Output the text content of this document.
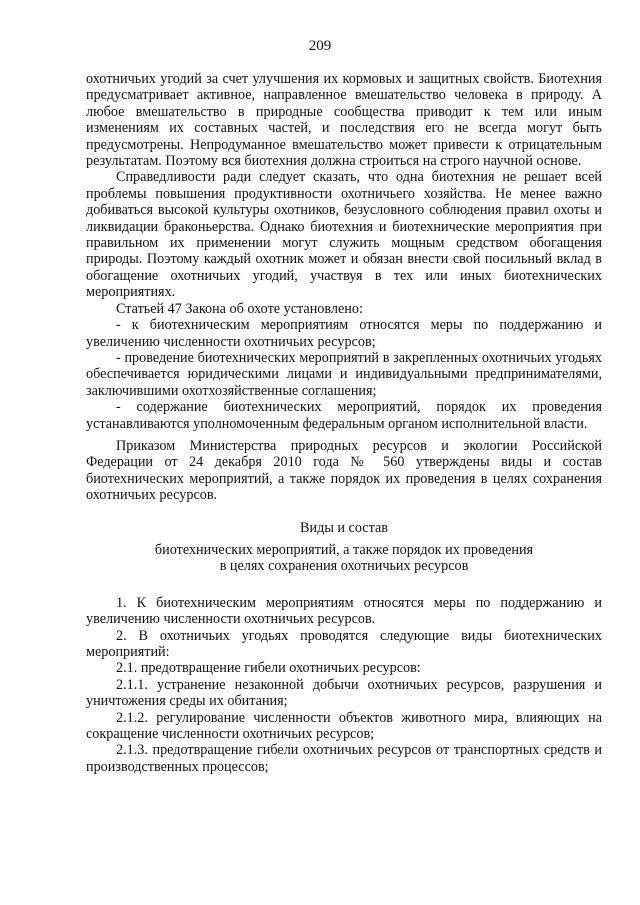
209

охотничьих угодий за счет улучшения их кормовых и защитных свойств. Биотехния предусматривает активное, направленное вмешательство человека в природу. А любое вмешательство в природные сообщества приводит к тем или иным изменениям их составных частей, и последствия его не всегда могут быть предусмотрены. Непродуманное вмешательство может привести к отрицательным результатам. Поэтому вся биотехния должна строиться на строго научной основе.

Справедливости ради следует сказать, что одна биотехния не решает всей проблемы повышения продуктивности охотничьего хозяйства. Не менее важно добиваться высокой культуры охотников, безусловного соблюдения правил охоты и ликвидации браконьерства. Однако биотехния и биотехнические мероприятия при правильном их применении могут служить мощным средством обогащения природы. Поэтому каждый охотник может и обязан внести свой посильный вклад в обогащение охотничьих угодий, участвуя в тех или иных биотехнических мероприятиях.

Статьей 47 Закона об охоте установлено:

- к биотехническим мероприятиям относятся меры по поддержанию и увеличению численности охотничьих ресурсов;

- проведение биотехнических мероприятий в закрепленных охотничьих угодьях обеспечивается юридическими лицами и индивидуальными предпринимателями, заключившими охотхозяйственные соглашения;

- содержание биотехнических мероприятий, порядок их проведения устанавливаются уполномоченным федеральным органом исполнительной власти.

Приказом Министерства природных ресурсов и экологии Российской Федерации от 24 декабря 2010 года № 560 утверждены виды и состав биотехнических мероприятий, а также порядок их проведения в целях сохранения охотничьих ресурсов.

Виды и состав

биотехнических мероприятий, а также порядок их проведения

в целях сохранения охотничьих ресурсов

1. К биотехническим мероприятиям относятся меры по поддержанию и увеличению численности охотничьих ресурсов.

2. В охотничьих угодьях проводятся следующие виды биотехнических мероприятий:

2.1. предотвращение гибели охотничьих ресурсов:

2.1.1. устранение незаконной добычи охотничьих ресурсов, разрушения и уничтожения среды их обитания;

2.1.2. регулирование численности объектов животного мира, влияющих на сокращение численности охотничьих ресурсов;

2.1.3. предотвращение гибели охотничьих ресурсов от транспортных средств и производственных процессов;
